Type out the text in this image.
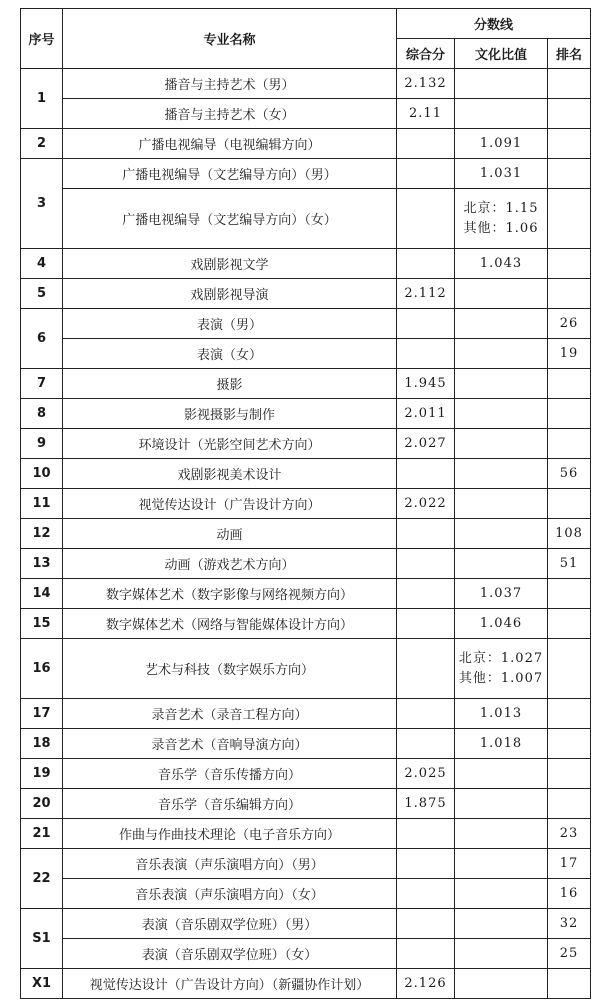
序号	专业名称	分数线		
		综合分	文化比值	排名
1	播音与主持艺术（男）	2.132		
	播音与主持艺术（女）	2.11		
2	广播电视编导（电视编辑方向）		1.091	
3	广播电视编导（文艺编导方向）（男）		1.031	
	广播电视编导（文艺编导方向）（女）		北京：1.15
其他：1.06	

4	戏剧影视文学		1.043	
5	戏剧影视导演	2.112		
6	表演（男）			26
	表演（女）			19
7	摄影	1.945		
8	影视摄影与制作	2.011		
9	环境设计（光影空间艺术方向）	2.027		
10	戏剧影视美术设计			56
11	视觉传达设计（广告设计方向）	2.022		
12	动画			108
13	动画（游戏艺术方向）			51
14	数字媒体艺术（数字影像与网络视频方向）		1.037	
15	数字媒体艺术（网络与智能媒体设计方向）		1.046	
16	艺术与科技（数字娱乐方向）		北京：1.027
其他：1.007	

17	录音艺术（录音工程方向）		1.013	
18	录音艺术（音响导演方向）		1.018	
19	音乐学（音乐传播方向）	2.025		
20	音乐学（音乐编辑方向）	1.875		
21	作曲与作曲技术理论（电子音乐方向）			23
22	音乐表演（声乐演唱方向）（男）			17
	音乐表演（声乐演唱方向）（女）			16
S1	表演（音乐剧双学位班）（男）			32
	表演（音乐剧双学位班）（女）			25
X1	视觉传达设计（广告设计方向）（新疆协作计划）	2.126		
